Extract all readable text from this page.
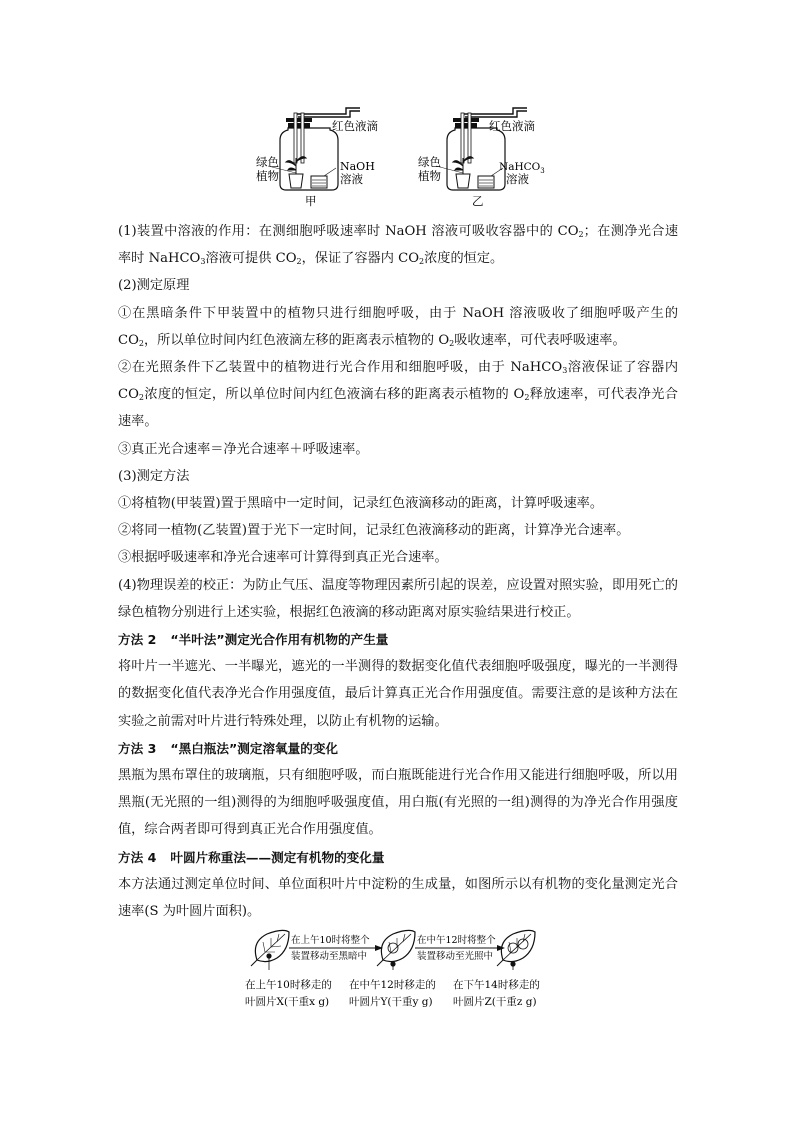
绿色
植物
NaOH
溶液
红色液滴
甲
绿色
植物
NaHCO$_3$
溶液
红色液滴
乙

(1)装置中溶液的作用：在测细胞呼吸速率时 NaOH 溶液可吸收容器中的 $CO_2$；在测净光合速率时 NaHCO$_3$溶液可提供 $CO_2$，保证了容器内 $CO_2$浓度的恒定。

(2)测定原理

①在黑暗条件下甲装置中的植物只进行细胞呼吸，由于 NaOH 溶液吸收了细胞呼吸产生的 $CO_2$，所以单位时间内红色液滴左移的距离表示植物的 $O_2$吸收速率，可代表呼吸速率。

②在光照条件下乙装置中的植物进行光合作用和细胞呼吸，由于 NaHCO$_3$溶液保证了容器内 $CO_2$浓度的恒定，所以单位时间内红色液滴右移的距离表示植物的 $O_2$释放速率，可代表净光合速率。

③真正光合速率＝净光合速率＋呼吸速率。

(3)测定方法

①将植物(甲装置)置于黑暗中一定时间，记录红色液滴移动的距离，计算呼吸速率。

②将同一植物(乙装置)置于光下一定时间，记录红色液滴移动的距离，计算净光合速率。

③根据呼吸速率和净光合速率可计算得到真正光合速率。

(4)物理误差的校正：为防止气压、温度等物理因素所引起的误差，应设置对照实验，即用死亡的绿色植物分别进行上述实验，根据红色液滴的移动距离对原实验结果进行校正。

方法 2 “半叶法”测定光合作用有机物的产生量

将叶片一半遮光、一半曝光，遮光的一半测得的数据变化值代表细胞呼吸强度，曝光的一半测得的数据变化值代表净光合作用强度值，最后计算真正光合作用强度值。需要注意的是该种方法在实验之前需对叶片进行特殊处理，以防止有机物的运输。

方法 3 “黑白瓶法”测定溶氧量的变化

黑瓶为黑布罩住的玻璃瓶，只有细胞呼吸，而白瓶既能进行光合作用又能进行细胞呼吸，所以用黑瓶(无光照的一组)测得的为细胞呼吸强度值，用白瓶(有光照的一组)测得的为净光合作用强度值，综合两者即可得到真正光合作用强度值。

方法 4 叶圆片称重法——测定有机物的变化量

本方法通过测定单位时间、单位面积叶片中淀粉的生成量，如图所示以有机物的变化量测定光合速率(S 为叶圆片面积)。

在上午10时将整个
装置移动至黑暗中
在中午12时将整个
装置移动至光照中
在上午10时移走的
叶圆片X(干重x g)
在中午12时移走的
叶圆片Y(干重y g)
在下午14时移走的
叶圆片Z(干重z g)
